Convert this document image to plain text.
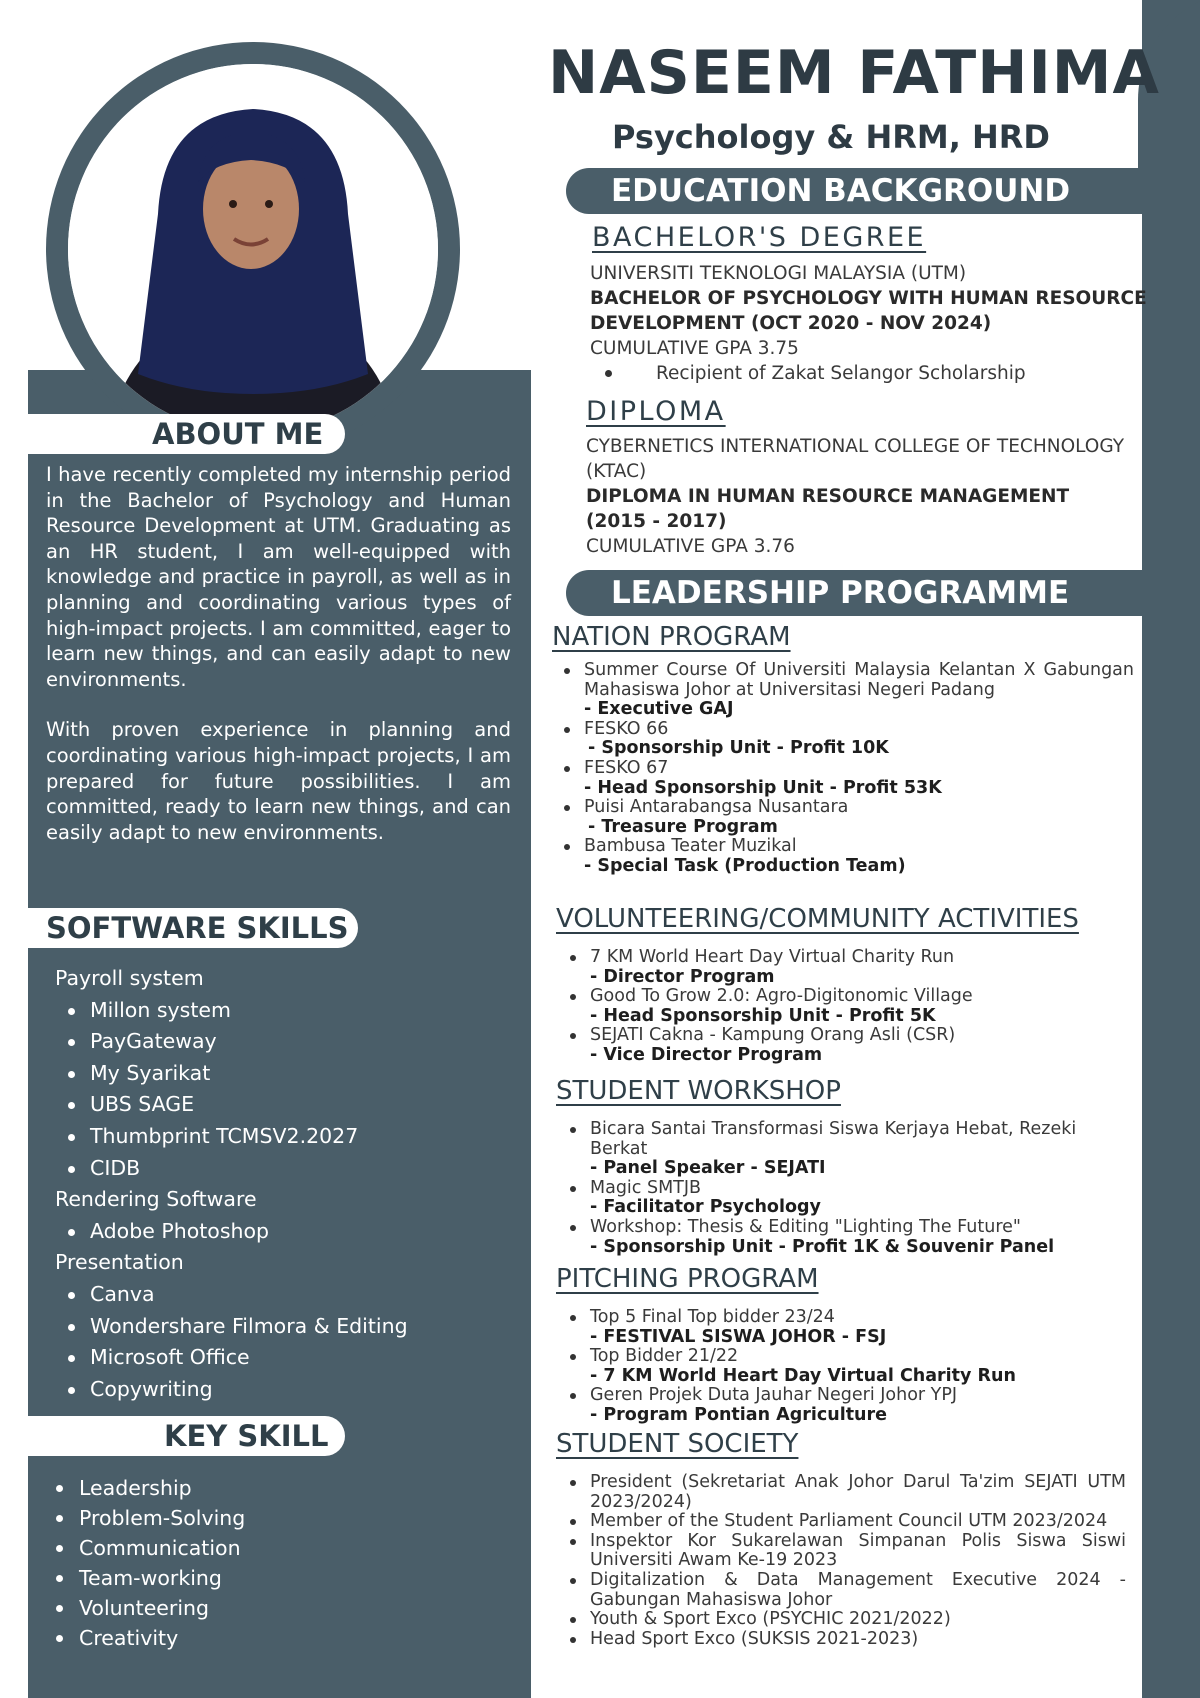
ABOUT ME

I have recently completed my internship period in the Bachelor of Psychology and Human Resource Development at UTM. Graduating as an HR student, I am well-equipped with knowledge and practice in payroll, as well as in planning and coordinating various types of high-impact projects. I am committed, eager to learn new things, and can easily adapt to new environments.

With proven experience in planning and coordinating various high-impact projects, I am prepared for future possibilities. I am committed, ready to learn new things, and can easily adapt to new environments.

SOFTWARE SKILLS
Payroll system
Millon system
PayGateway
My Syarikat
UBS SAGE
Thumbprint TCMSV2.2027
CIDB
Rendering Software
Adobe Photoshop
Presentation
Canva
Wondershare Filmora & Editing
Microsoft Office
Copywriting
KEY SKILL
Leadership
Problem-Solving
Communication
Team-working
Volunteering
Creativity
NASEEM FATHIMA
Psychology & HRM, HRD
EDUCATION BACKGROUND
BACHELOR'S DEGREE
UNIVERSITI TEKNOLOGI MALAYSIA (UTM)
BACHELOR OF PSYCHOLOGY WITH HUMAN RESOURCE DEVELOPMENT (OCT 2020 - NOV 2024)
CUMULATIVE GPA 3.75
Recipient of Zakat Selangor Scholarship
DIPLOMA
CYBERNETICS INTERNATIONAL COLLEGE OF TECHNOLOGY (KTAC)
DIPLOMA IN HUMAN RESOURCE MANAGEMENT (2015 - 2017)
CUMULATIVE GPA 3.76
LEADERSHIP PROGRAMME
NATION PROGRAM
Summer Course Of Universiti Malaysia Kelantan X Gabungan Mahasiswa Johor at Universitasi Negeri Padang
- Executive GAJ
FESKO 66
- Sponsorship Unit - Profit 10K
FESKO 67
- Head Sponsorship Unit - Profit 53K
Puisi Antarabangsa Nusantara
- Treasure Program
Bambusa Teater Muzikal
- Special Task (Production Team)
VOLUNTEERING/COMMUNITY ACTIVITIES
7 KM World Heart Day Virtual Charity Run
- Director Program
Good To Grow 2.0: Agro-Digitonomic Village
- Head Sponsorship Unit - Profit 5K
SEJATI Cakna - Kampung Orang Asli (CSR)
- Vice Director Program
STUDENT WORKSHOP
Bicara Santai Transformasi Siswa Kerjaya Hebat, Rezeki Berkat
- Panel Speaker - SEJATI
Magic SMTJB
- Facilitator Psychology
Workshop: Thesis & Editing "Lighting The Future"
- Sponsorship Unit - Profit 1K & Souvenir Panel
PITCHING PROGRAM
Top 5 Final Top bidder 23/24
- FESTIVAL SISWA JOHOR - FSJ
Top Bidder 21/22
- 7 KM World Heart Day Virtual Charity Run
Geren Projek Duta Jauhar Negeri Johor YPJ
- Program Pontian Agriculture
STUDENT SOCIETY
President (Sekretariat Anak Johor Darul Ta'zim SEJATI UTM 2023/2024)
Member of the Student Parliament Council UTM 2023/2024
Inspektor Kor Sukarelawan Simpanan Polis Siswa Siswi Universiti Awam Ke-19 2023
Digitalization & Data Management Executive 2024 - Gabungan Mahasiswa Johor
Youth & Sport Exco (PSYCHIC 2021/2022)
Head Sport Exco (SUKSIS 2021-2023)
